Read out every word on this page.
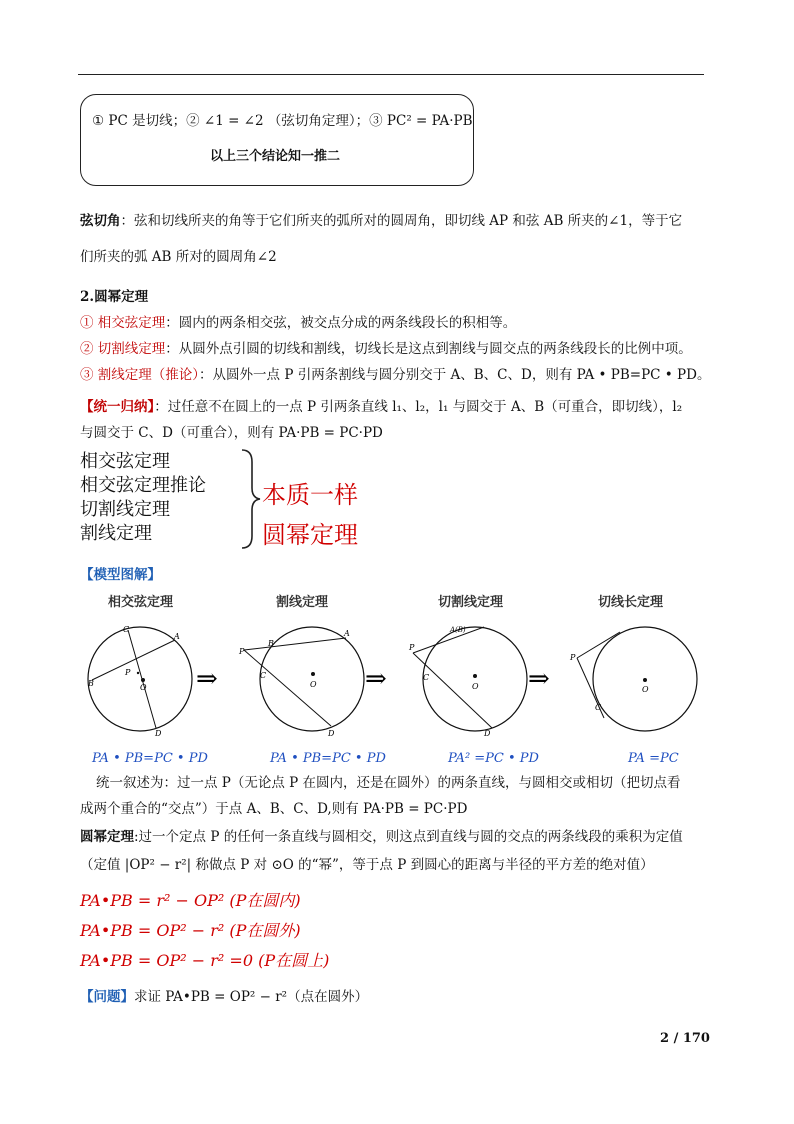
① PC 是切线；② ∠1 = ∠2 （弦切角定理）；③ PC² = PA·PB
以上三个结论知一推二
弦切角：弦和切线所夹的角等于它们所夹的弧所对的圆周角，即切线 AP 和弦 AB 所夹的∠1，等于它
们所夹的弧 AB 所对的圆周角∠2
2.圆幂定理
① 相交弦定理：圆内的两条相交弦，被交点分成的两条线段长的积相等。
② 切割线定理：从圆外点引圆的切线和割线，切线长是这点到割线与圆交点的两条线段长的比例中项。
③ 割线定理（推论）：从圆外一点 P 引两条割线与圆分别交于 A、B、C、D，则有 PA • PB=PC • PD。
【统一归纳】：过任意不在圆上的一点 P 引两条直线 l₁、l₂，l₁ 与圆交于 A、B（可重合，即切线），l₂
与圆交于 C、D（可重合），则有 PA·PB = PC·PD
相交弦定理
相交弦定理推论
切割线定理
割线定理
本质一样
圆幂定理
【模型图解】
相交弦定理	割线定理	切割线定理	切线长定理
C
A
P
B	O
D
⇒
P
A
B
C
O
D
⇒
A(B)
P
C
O
D
⇒
P
C
O
PA • PB=PC • PD	PA • PB=PC • PD	PA² =PC • PD	PA =PC
统一叙述为：过一点 P（无论点 P 在圆内，还是在圆外）的两条直线，与圆相交或相切（把切点看
成两个重合的“交点”）于点 A、B、C、D,则有 PA·PB = PC·PD
圆幂定理:过一个定点 P 的任何一条直线与圆相交，则这点到直线与圆的交点的两条线段的乘积为定值
（定值 |OP² − r²| 称做点 P 对 ⊙O 的“幂”，等于点 P 到圆心的距离与半径的平方差的绝对值）
PA•PB = r² − OP² (P在圆内)
PA•PB = OP² − r² (P在圆外)
PA•PB = OP² − r² =0 (P在圆上)
【问题】求证 PA•PB = OP² − r²（点在圆外）
2 / 170
